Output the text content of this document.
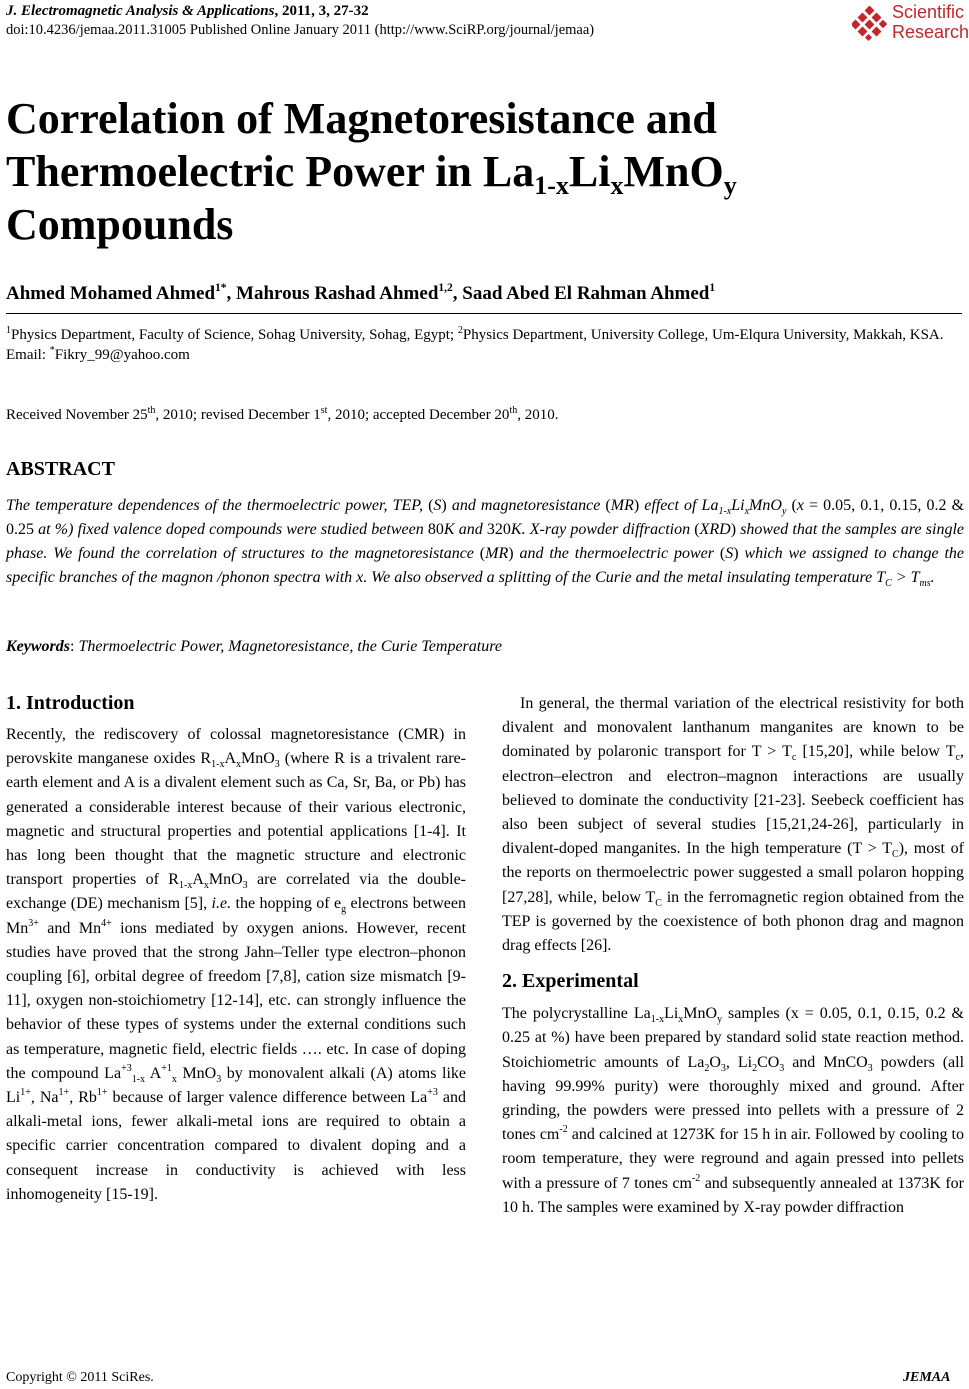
J. Electromagnetic Analysis & Applications, 2011, 3, 27-32
doi:10.4236/jemaa.2011.31005 Published Online January 2011 (http://www.SciRP.org/journal/jemaa)
Scientific
Research
Correlation of Magnetoresistance and
Thermoelectric Power in $La_{1-x}Li_xMnO_y$
Compounds
Ahmed Mohamed Ahmed$^{1*}$, Mahrous Rashad Ahmed$^{1,2}$, Saad Abed El Rahman Ahmed$^1$
$^1$Physics Department, Faculty of Science, Sohag University, Sohag, Egypt; $^2$Physics Department, University College, Um-Elqura University, Makkah, KSA.
Email: *Fikry_99@yahoo.com
Received November 25th, 2010; revised December 1st, 2010; accepted December 20th, 2010.
ABSTRACT
The temperature dependences of the thermoelectric power, TEP, (S) and magnetoresistance (MR) effect of $La_{1-x}Li_xMnO_y$ (x = 0.05, 0.1, 0.15, 0.2 & 0.25 at %) fixed valence doped compounds were studied between 80K and 320K. X-ray powder diffraction (XRD) showed that the samples are single phase. We found the correlation of structures to the magnetoresistance (MR) and the thermoelectric power (S) which we assigned to change the specific branches of the magnon /phonon spectra with x. We also observed a splitting of the Curie and the metal insulating temperature $T_C > T_{ms}$.
Keywords: Thermoelectric Power, Magnetoresistance, the Curie Temperature
1. Introduction

Recently, the rediscovery of colossal magnetoresistance (CMR) in perovskite manganese oxides $R_{1-x}A_xMnO_3$ (where R is a trivalent rare-earth element and A is a divalent element such as Ca, Sr, Ba, or Pb) has generated a considerable interest because of their various electronic, magnetic and structural properties and potential applications [1-4]. It has long been thought that the magnetic structure and electronic transport properties of $R_{1-x}A_xMnO_3$ are correlated via the double-exchange (DE) mechanism [5], i.e. the hopping of $e_g$ electrons between $Mn^{3+}$ and $Mn^{4+}$ ions mediated by oxygen anions. However, recent studies have proved that the strong Jahn–Teller type electron–phonon coupling [6], orbital degree of freedom [7,8], cation size mismatch [9-11], oxygen non-stoichiometry [12-14], etc. can strongly influence the behavior of these types of systems under the external conditions such as temperature, magnetic field, electric fields …. etc. In case of doping the compound $La^{+3}_{1-x}$ $A^{+1}_x$ MnO$_3$ by monovalent alkali (A) atoms like $Li^{1+}$, $Na^{1+}$, $Rb^{1+}$ because of larger valence difference between $La^{+3}$ and alkali-metal ions, fewer alkali-metal ions are required to obtain a specific carrier concentration compared to divalent doping and a consequent increase in conductivity is achieved with less inhomogeneity [15-19].

In general, the thermal variation of the electrical resistivity for both divalent and monovalent lanthanum manganites are known to be dominated by polaronic transport for $T > T_c$ [15,20], while below $T_c$, electron–electron and electron–magnon interactions are usually believed to dominate the conductivity [21-23]. Seebeck coefficient has also been subject of several studies [15,21,24-26], particularly in divalent-doped manganites. In the high temperature $(T > T_C)$, most of the reports on thermoelectric power suggested a small polaron hopping [27,28], while, below $T_C$ in the ferromagnetic region obtained from the TEP is governed by the coexistence of both phonon drag and magnon drag effects [26].

2. Experimental

The polycrystalline $La_{1-x}Li_xMnO_y$ samples (x = 0.05, 0.1, 0.15, 0.2 & 0.25 at %) have been prepared by standard solid state reaction method. Stoichiometric amounts of $La_2O_3$, $Li_2CO_3$ and MnCO$_3$ powders (all having 99.99% purity) were thoroughly mixed and ground. After grinding, the powders were pressed into pellets with a pressure of 2 tones $cm^{-2}$ and calcined at 1273K for 15 h in air. Followed by cooling to room temperature, they were reground and again pressed into pellets with a pressure of 7 tones $cm^{-2}$ and subsequently annealed at 1373K for 10 h. The samples were examined by X-ray powder diffraction

Copyright © 2011 SciRes.	JEMAA
